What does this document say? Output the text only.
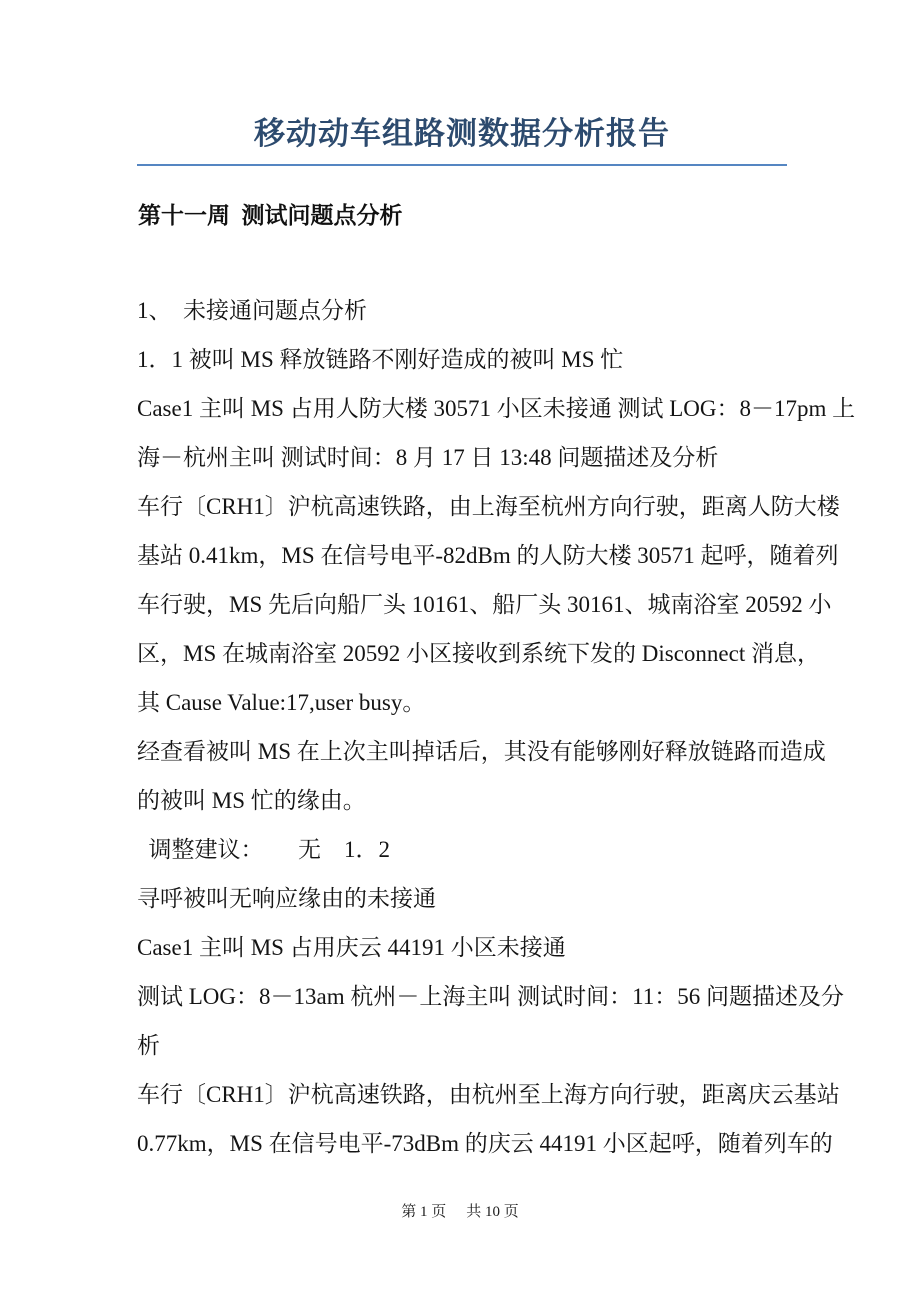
移动动车组路测数据分析报告

第十一周  测试问题点分析

1、  未接通问题点分析
1．1 被叫 MS 释放链路不刚好造成的被叫 MS 忙
Case1 主叫 MS 占用人防大楼 30571 小区未接通 测试 LOG：8－17pm 上
海－杭州主叫 测试时间：8 月 17 日 13:48 问题描述及分析
车行〔CRH1〕沪杭高速铁路，由上海至杭州方向行驶，距离人防大楼
基站 0.41km，MS 在信号电平-82dBm 的人防大楼 30571 起呼，随着列
车行驶，MS 先后向船厂头 10161、船厂头 30161、城南浴室 20592 小
区，MS 在城南浴室 20592 小区接收到系统下发的 Disconnect 消息，
其 Cause Value:17,user busy。
经查看被叫 MS 在上次主叫掉话后，其没有能够刚好释放链路而造成
的被叫 MS 忙的缘由。
调整建议：　　无　1．2
寻呼被叫无响应缘由的未接通
Case1 主叫 MS 占用庆云 44191 小区未接通
测试 LOG：8－13am 杭州－上海主叫 测试时间：11：56 问题描述及分
析
车行〔CRH1〕沪杭高速铁路，由杭州至上海方向行驶，距离庆云基站
0.77km，MS 在信号电平-73dBm 的庆云 44191 小区起呼，随着列车的
第 1 页 共 10 页
